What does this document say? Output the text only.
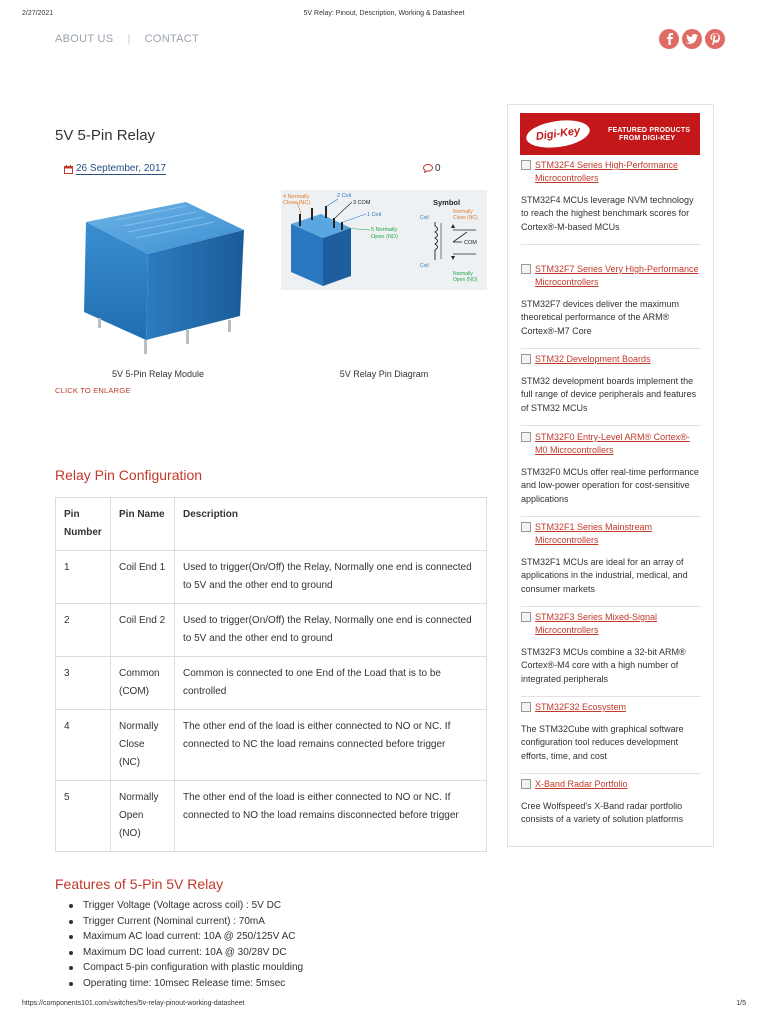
2/27/2021	5V Relay: Pinout, Description, Working & Datasheet
ABOUT US | CONTACT
5V 5-Pin Relay
26 September, 2017	0
4 Normally
Close (NC)
2 Coil
3 COM
1 Coil
5 Normally
Open (NO)
Symbol
Normally
Close (NC)
Coil
COM
Coil
Normally
Open (NO)
5V 5-Pin Relay Module	5V Relay Pin Diagram
CLICK TO ENLARGE
Relay Pin Configuration
Pin Number	Pin Name	Description
1	Coil End 1	Used to trigger(On/Off) the Relay, Normally one end is connected to 5V and the other end to ground
2	Coil End 2	Used to trigger(On/Off) the Relay, Normally one end is connected to 5V and the other end to ground
3	Common (COM)	Common is connected to one End of the Load that is to be controlled
4	Normally Close (NC)	The other end of the load is either connected to NO or NC. If connected to NC the load remains connected before trigger
5	Normally Open (NO)	The other end of the load is either connected to NO or NC. If connected to NO the load remains disconnected before trigger
Features of 5-Pin 5V Relay
Trigger Voltage (Voltage across coil) : 5V DC
Trigger Current (Nominal current) : 70mA
Maximum AC load current: 10A @ 250/125V AC
Maximum DC load current: 10A @ 30/28V DC
Compact 5-pin configuration with plastic moulding
Operating time: 10msec Release time: 5msec
Digi-Key	FEATURED PRODUCTS
FROM DIGI-KEY
STM32F4 Series High-Performance Microcontrollers
STM32F4 MCUs leverage NVM technology to reach the highest benchmark scores for Cortex®-M-based MCUs
STM32F7 Series Very High-Performance Microcontrollers
STM32F7 devices deliver the maximum theoretical performance of the ARM® Cortex®-M7 Core
STM32 Development Boards
STM32 development boards implement the full range of device peripherals and features of STM32 MCUs
STM32F0 Entry-Level ARM® Cortex®-M0 Microcontrollers
STM32F0 MCUs offer real-time performance and low-power operation for cost-sensitive applications
STM32F1 Series Mainstream Microcontrollers
STM32F1 MCUs are ideal for an array of applications in the industrial, medical, and consumer markets
STM32F3 Series Mixed-Signal Microcontrollers
STM32F3 MCUs combine a 32-bit ARM® Cortex®-M4 core with a high number of integrated peripherals
STM32F32 Ecosystem
The STM32Cube with graphical software configuration tool reduces development efforts, time, and cost
X-Band Radar Portfolio
Cree Wolfspeed's X-Band radar portfolio consists of a variety of solution platforms
https://components101.com/switches/5v-relay-pinout-working-datasheet	1/5
